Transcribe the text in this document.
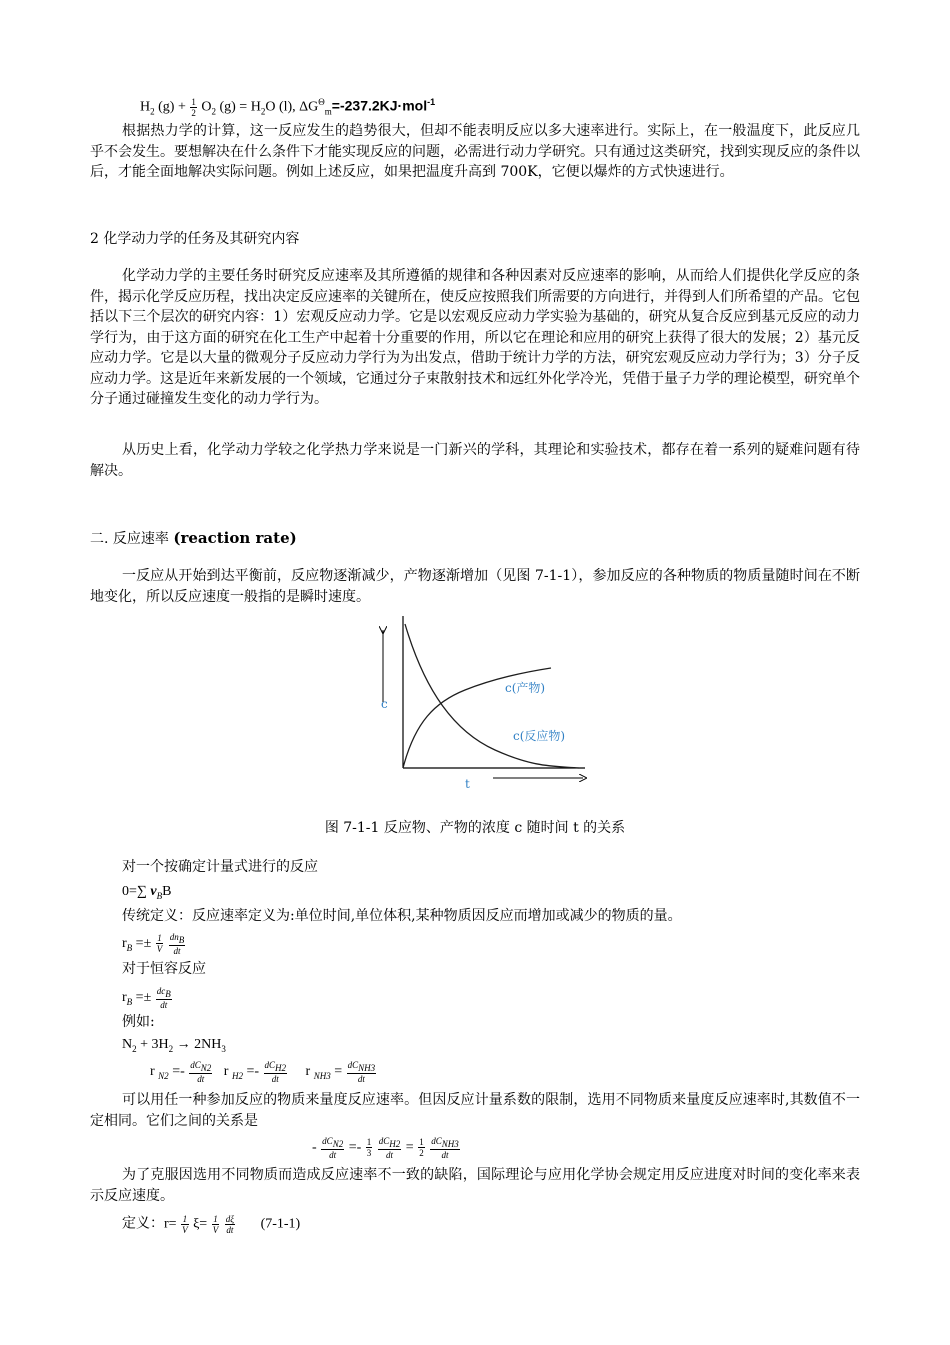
$H_2$ $(g) + \frac{1}{2} O_2$ $(g) = H_2O$ (l), $\Delta G^\Theta_m=-237.2KJ\cdot mol^{-1}$
根据热力学的计算，这一反应发生的趋势很大，但却不能表明反应以多大速率进行。实际上，在一般温度下，此反应几乎不会发生。要想解决在什么条件下才能实现反应的问题，必需进行动力学研究。只有通过这类研究，找到实现反应的条件以后，才能全面地解决实际问题。例如上述反应，如果把温度升高到 700K，它便以爆炸的方式快速进行。
2 化学动力学的任务及其研究内容
化学动力学的主要任务时研究反应速率及其所遵循的规律和各种因素对反应速率的影响，从而给人们提供化学反应的条件，揭示化学反应历程，找出决定反应速率的关键所在，使反应按照我们所需要的方向进行，并得到人们所希望的产品。它包括以下三个层次的研究内容：1）宏观反应动力学。它是以宏观反应动力学实验为基础的，研究从复合反应到基元反应的动力学行为，由于这方面的研究在化工生产中起着十分重要的作用，所以它在理论和应用的研究上获得了很大的发展；2）基元反应动力学。它是以大量的微观分子反应动力学行为为出发点，借助于统计力学的方法，研究宏观反应动力学行为；3）分子反应动力学。这是近年来新发展的一个领域，它通过分子束散射技术和远红外化学冷光，凭借于量子力学的理论模型，研究单个分子通过碰撞发生变化的动力学行为。
从历史上看，化学动力学较之化学热力学来说是一门新兴的学科，其理论和实验技术，都存在着一系列的疑难问题有待解决。
二. 反应速率 (reaction rate)
一反应从开始到达平衡前，反应物逐渐减少，产物逐渐增加（见图 7-1-1），参加反应的各种物质的物质量随时间在不断地变化，所以反应速度一般指的是瞬时速度。
c
t
c(产物)
c(反应物)
图 7-1-1 反应物、产物的浓度 c 随时间 t 的关系
对一个按确定计量式进行的反应
0=∑ $\nu_BB$
传统定义：反应速率定义为:单位时间,单位体积,某种物质因反应而增加或减少的物质的量。
$r_B =\pm \frac{1}{V}$
$\frac{dn_B}{dt}$
对于恒容反应
$r_B =\pm \frac{dc_B}{dt}$
例如:
$N_2 + 3H_2 \to 2NH_3$
r $_{N2} =- \frac{dC_{N2}}{dt}$ r $_{H2} =- \frac{dC_{H2}}{dt}$ r $_{NH3} = \frac{dC_{NH3}}{dt}$
可以用任一种参加反应的物质来量度反应速率。但因反应计量系数的限制，选用不同物质来量度反应速率时,其数值不一定相同。它们之间的关系是
- $\frac{dC_{N2}}{dt} =- \frac{1}{3}$
$\frac{dC_{H2}}{dt} = \frac{1}{2}$
$\frac{dC_{NH3}}{dt}$
为了克服因选用不同物质而造成反应速率不一致的缺陷，国际理论与应用化学协会规定用反应进度对时间的变化率来表示反应速度。
定义：$r= \frac{1}{V} \xi= \frac{1}{V}$
$\frac{d\xi}{dt} (7-1-1)$
